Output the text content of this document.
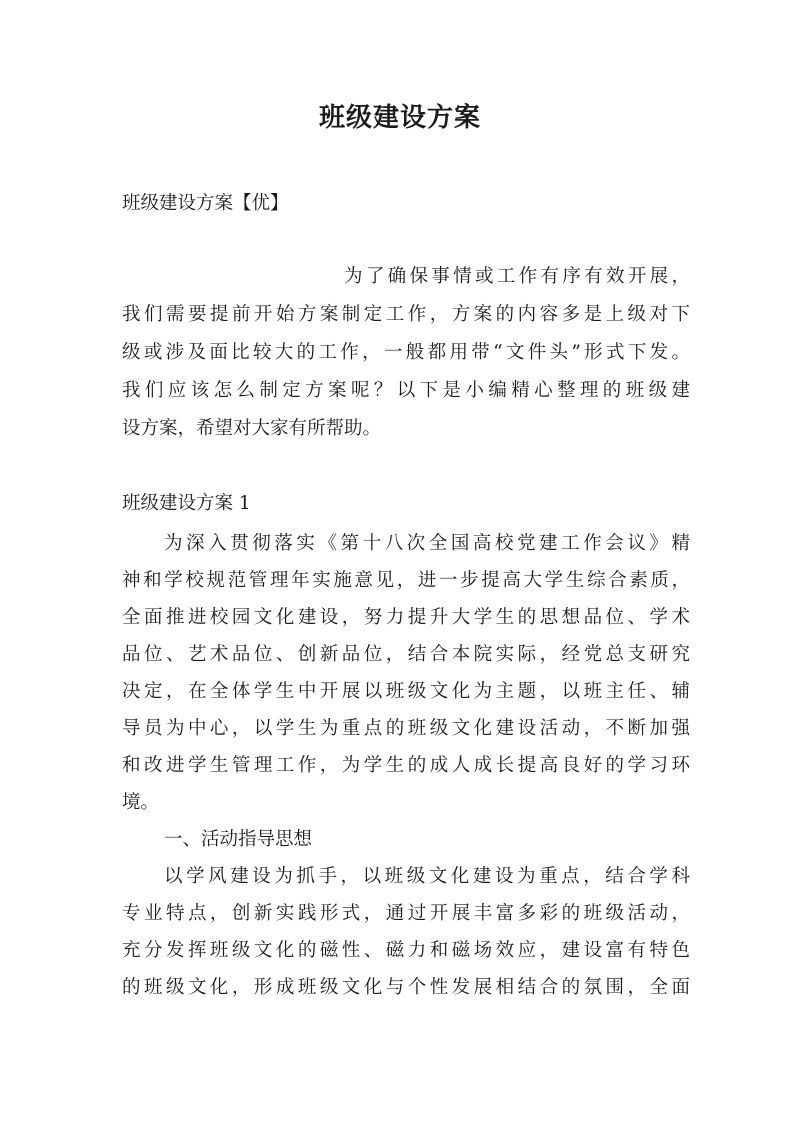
班级建设方案
班级建设方案【优】
为了确保事情或工作有序有效开展，
我们需要提前开始方案制定工作，方案的内容多是上级对下
级或涉及面比较大的工作，一般都用带“文件头”形式下发。
我们应该怎么制定方案呢？以下是小编精心整理的班级建
设方案，希望对大家有所帮助。
班级建设方案 1
为深入贯彻落实《第十八次全国高校党建工作会议》精
神和学校规范管理年实施意见，进一步提高大学生综合素质，
全面推进校园文化建设，努力提升大学生的思想品位、学术
品位、艺术品位、创新品位，结合本院实际，经党总支研究
决定，在全体学生中开展以班级文化为主题，以班主任、辅
导员为中心，以学生为重点的班级文化建设活动，不断加强
和改进学生管理工作，为学生的成人成长提高良好的学习环
境。
一、活动指导思想
以学风建设为抓手，以班级文化建设为重点，结合学科
专业特点，创新实践形式，通过开展丰富多彩的班级活动，
充分发挥班级文化的磁性、磁力和磁场效应，建设富有特色
的班级文化，形成班级文化与个性发展相结合的氛围，全面
